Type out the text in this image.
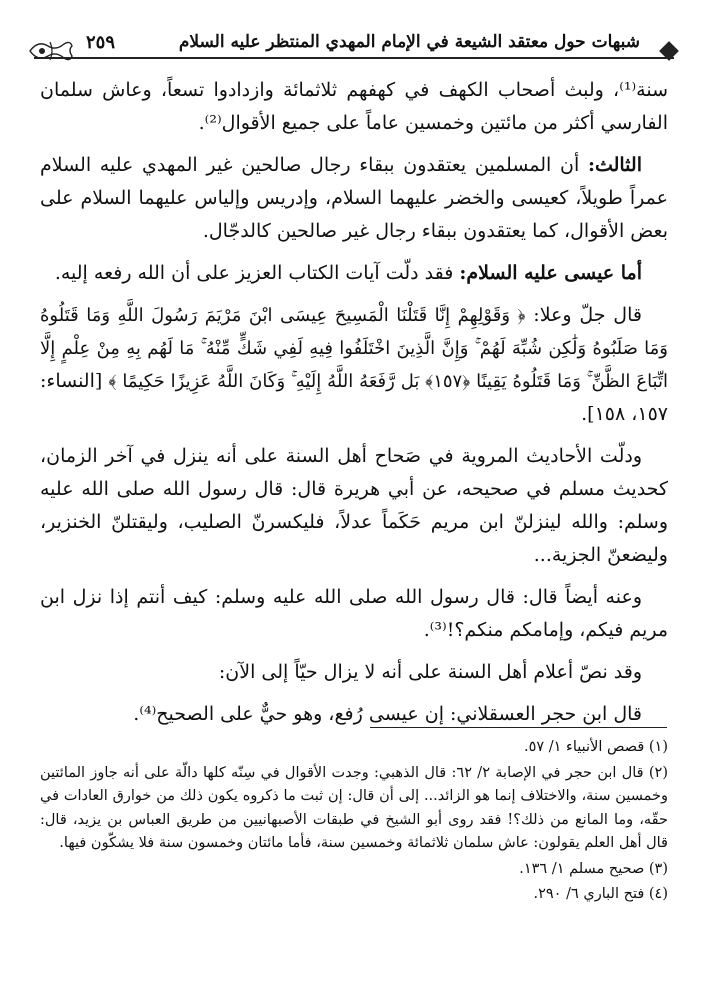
شبهات حول معتقد الشيعة في الإمام المهدي المنتظر عليه السلام
٢٥٩

سنة⁽¹⁾، ولبث أصحاب الكهف في كهفهم ثلاثمائة وازدادوا تسعاً، وعاش سلمان الفارسي أكثر من مائتين وخمسين عاماً على جميع الأقوال⁽²⁾.

الثالث: أن المسلمين يعتقدون ببقاء رجال صالحين غير المهدي عليه السلام عمراً طويلاً، كعيسى والخضر عليهما السلام، وإدريس وإلياس عليهما السلام على بعض الأقوال، كما يعتقدون ببقاء رجال غير صالحين كالدجّال.

أما عيسى عليه السلام: فقد دلّت آيات الكتاب العزيز على أن الله رفعه إليه.

قال جلّ وعلا: ﴿ وَقَوْلِهِمْ إِنَّا قَتَلْنَا الْمَسِيحَ عِيسَى ابْنَ مَرْيَمَ رَسُولَ اللَّهِ وَمَا قَتَلُوهُ وَمَا صَلَبُوهُ وَلَٰكِن شُبِّهَ لَهُمْ ۚ وَإِنَّ الَّذِينَ اخْتَلَفُوا فِيهِ لَفِي شَكٍّ مِّنْهُ ۚ مَا لَهُم بِهِ مِنْ عِلْمٍ إِلَّا اتِّبَاعَ الظَّنِّ ۚ وَمَا قَتَلُوهُ يَقِينًا ﴿١٥٧﴾ بَل رَّفَعَهُ اللَّهُ إِلَيْهِ ۚ وَكَانَ اللَّهُ عَزِيزًا حَكِيمًا ﴾ [النساء: ١٥٧، ١٥٨].

ودلّت الأحاديث المروية في صَحاح أهل السنة على أنه ينزل في آخر الزمان، كحديث مسلم في صحيحه، عن أبي هريرة قال: قال رسول الله صلى الله عليه وسلم: والله لينزلنّ ابن مريم حَكَماً عدلاً، فليكسرنّ الصليب، وليقتلنّ الخنزير، وليضعنّ الجزية...

وعنه أيضاً قال: قال رسول الله صلى الله عليه وسلم: كيف أنتم إذا نزل ابن مريم فيكم، وإمامكم منكم؟!⁽³⁾.

وقد نصّ أعلام أهل السنة على أنه لا يزال حيّاً إلى الآن:

قال ابن حجر العسقلاني: إن عيسى رُفع، وهو حيٌّ على الصحيح⁽⁴⁾.

(١) قصص الأنبياء ١/ ٥٧.

(٢) قال ابن حجر في الإصابة ٢/ ٦٢: قال الذهبي: وجدت الأقوال في سِنّه كلها دالّة على أنه جاوز المائتين وخمسين سنة، والاختلاف إنما هو الزائد... إلى أن قال: إن ثبت ما ذكروه يكون ذلك من خوارق العادات في حقّه، وما المانع من ذلك؟! فقد روى أبو الشيخ في طبقات الأصبهانيين من طريق العباس بن يزيد، قال: قال أهل العلم يقولون: عاش سلمان ثلاثمائة وخمسين سنة، فأما مائتان وخمسون سنة فلا يشكّون فيها.

(٣) صحيح مسلم ١/ ١٣٦.

(٤) فتح الباري ٦/ ٢٩٠.
